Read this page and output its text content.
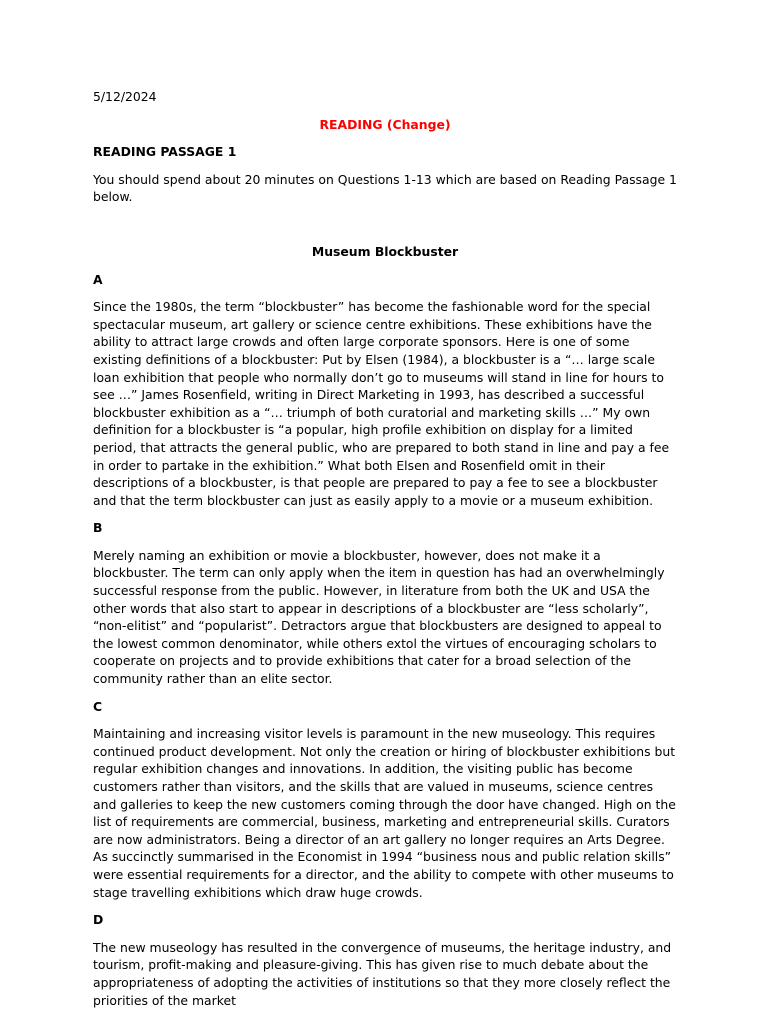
5/12/2024

READING (Change)

READING PASSAGE 1

You should spend about 20 minutes on Questions 1-13 which are based on Reading Passage 1 below.

Museum Blockbuster

A

Since the 1980s, the term “blockbuster” has become the fashionable word for the special spectacular museum, art gallery or science centre exhibitions. These exhibitions have the ability to attract large crowds and often large corporate sponsors. Here is one of some existing definitions of a blockbuster: Put by Elsen (1984), a blockbuster is a “… large scale loan exhibition that people who normally don’t go to museums will stand in line for hours to see …” James Rosenfield, writing in Direct Marketing in 1993, has described a successful blockbuster exhibition as a “… triumph of both curatorial and marketing skills …” My own definition for a blockbuster is “a popular, high profile exhibition on display for a limited period, that attracts the general public, who are prepared to both stand in line and pay a fee in order to partake in the exhibition.” What both Elsen and Rosenfield omit in their descriptions of a blockbuster, is that people are prepared to pay a fee to see a blockbuster and that the term blockbuster can just as easily apply to a movie or a museum exhibition.

B

Merely naming an exhibition or movie a blockbuster, however, does not make it a blockbuster. The term can only apply when the item in question has had an overwhelmingly successful response from the public. However, in literature from both the UK and USA the other words that also start to appear in descriptions of a blockbuster are “less scholarly”, “non-elitist” and “popularist”. Detractors argue that blockbusters are designed to appeal to the lowest common denominator, while others extol the virtues of encouraging scholars to cooperate on projects and to provide exhibitions that cater for a broad selection of the community rather than an elite sector.

C

Maintaining and increasing visitor levels is paramount in the new museology. This requires continued product development. Not only the creation or hiring of blockbuster exhibitions but regular exhibition changes and innovations. In addition, the visiting public has become customers rather than visitors, and the skills that are valued in museums, science centres and galleries to keep the new customers coming through the door have changed. High on the list of requirements are commercial, business, marketing and entrepreneurial skills. Curators are now administrators. Being a director of an art gallery no longer requires an Arts Degree. As succinctly summarised in the Economist in 1994 “business nous and public relation skills” were essential requirements for a director, and the ability to compete with other museums to stage travelling exhibitions which draw huge crowds.

D

The new museology has resulted in the convergence of museums, the heritage industry, and tourism, profit-making and pleasure-giving. This has given rise to much debate about the appropriateness of adopting the activities of institutions so that they more closely reflect the priorities of the market
